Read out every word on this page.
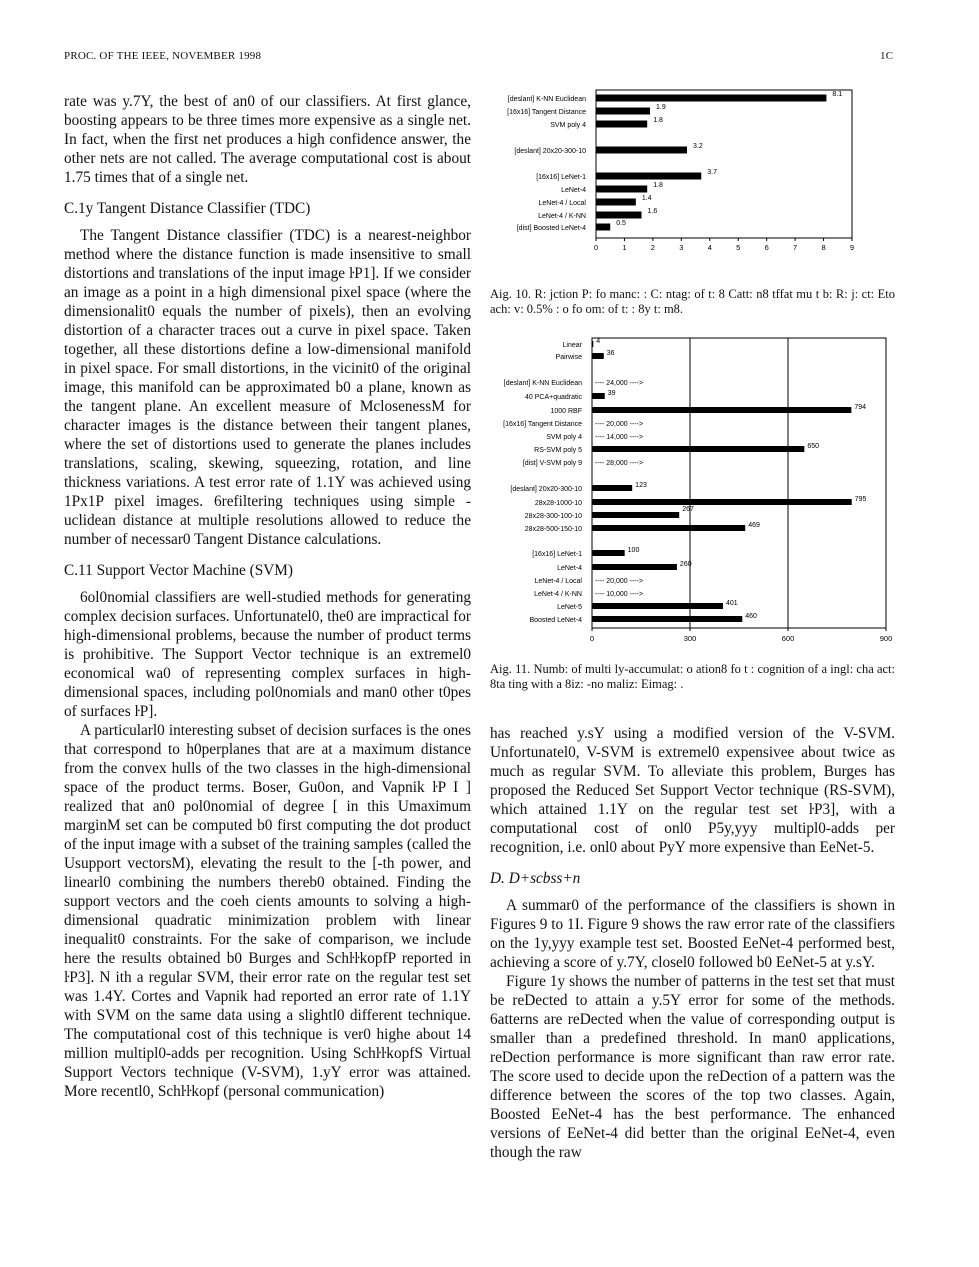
PROC. OF THE IEEE, NOVEMBER 1998	1C

rate was y.7Y, the best of an0 of our classifiers. At first glance, boosting appears to be three times more expensive as a single net. In fact, when the first net produces a high confidence answer, the other nets are not called. The average computational cost is about 1.75 times that of a single net.

C.1y Tangent Distance Classifier (TDC)

The Tangent Distance classifier (TDC) is a nearest-neighbor method where the distance function is made insensitive to small distortions and translations of the input image ŀP1]. If we consider an image as a point in a high dimensional pixel space (where the dimensionalit0 equals the number of pixels), then an evolving distortion of a character traces out a curve in pixel space. Taken together, all these distortions define a low-dimensional manifold in pixel space. For small distortions, in the vicinit0 of the original image, this manifold can be approximated b0 a plane, known as the tangent plane. An excellent measure of MclosenessM for character images is the distance between their tangent planes, where the set of distortions used to generate the planes includes translations, scaling, skewing, squeezing, rotation, and line thickness variations. A test error rate of 1.1Y was achieved using 1Px1P pixel images. 6refiltering techniques using simple - uclidean distance at multiple resolutions allowed to reduce the number of necessar0 Tangent Distance calculations.

C.11 Support Vector Machine (SVM)

6ol0nomial classifiers are well-studied methods for generating complex decision surfaces. Unfortunatel0, the0 are impractical for high-dimensional problems, because the number of product terms is prohibitive. The Support Vector technique is an extremel0 economical wa0 of representing complex surfaces in high-dimensional spaces, including pol0nomials and man0 other t0pes of surfaces ŀP].

A particularl0 interesting subset of decision surfaces is the ones that correspond to h0perplanes that are at a maximum distance from the convex hulls of the two classes in the high-dimensional space of the product terms. Boser, Gu0on, and Vapnik ŀP I ] realized that an0 pol0nomial of degree [ in this Umaximum marginM set can be computed b0 first computing the dot product of the input image with a subset of the training samples (called the Usupport vectorsM), elevating the result to the [-th power, and linearl0 combining the numbers thereb0 obtained. Finding the support vectors and the coeh cients amounts to solving a high-dimensional quadratic minimization problem with linear inequalit0 constraints. For the sake of comparison, we include here the results obtained b0 Burges and SchŀŀkopfP reported in ŀP3]. N ith a regular SVM, their error rate on the regular test set was 1.4Y. Cortes and Vapnik had reported an error rate of 1.1Y with SVM on the same data using a slightl0 different technique. The computational cost of this technique is ver0 highe about 14 million multipl0-adds per recognition. Using SchŀŀkopfS Virtual Support Vectors technique (V-SVM), 1.yY error was attained. More recentl0, Schŀŀkopf (personal communication)

[deslant] K-NN Euclidean
8.1
[16x16] Tangent Distance
1.9
SVM poly 4
1.8
[deslant] 20x20-300-10
3.2
[16x16] LeNet-1
3.7
LeNet-4
1.8
LeNet-4 / Local
1.4
LeNet-4 / K-NN
1.6
[dist] Boosted LeNet-4
0.5
0	1	2	3	4	5	6	7	8	9
Aig. 10. R: jction P: fo manc: : C: ntag: of t: 8 Catt: n8 tffat mu t b: R: j: ct: Eto ach: v: 0.5% : o fo om: of t: : 8y t: m8.
Linear
4
Pairwise
36
[deslant] K-NN Euclidean ---- 24,000 ---->
40 PCA+quadratic
39
1000 RBF
794
[16x16] Tangent Distance ---- 20,000 ---->
SVM poly 4 ---- 14,000 ---->
RS-SVM poly 5
650
[dist] V-SVM poly 9 ---- 28,000 ---->
[deslant] 20x20-300-10
123
28x28-1000-10
795
28x28-300-100-10
267
28x28-500-150-10
469
[16x16] LeNet-1
100
LeNet-4
260
LeNet-4 / Local ---- 20,000 ---->
LeNet-4 / K-NN ---- 10,000 ---->
LeNet-5
401
Boosted LeNet-4
460
0	300	600	900
Aig. 11. Numb: of multi ly-accumulat: o ation8 fo t : cognition of a ingl: cha act: 8ta ting with a 8iz: -no maliz: Eimag: .

has reached y.sY using a modified version of the V-SVM. Unfortunatel0, V-SVM is extremel0 expensivee about twice as much as regular SVM. To alleviate this problem, Burges has proposed the Reduced Set Support Vector technique (RS-SVM), which attained 1.1Y on the regular test set ŀP3], with a computational cost of onl0 P5y,yyy multipl0-adds per recognition, i.e. onl0 about PyY more expensive than EeNet-5.

D. D+scbss+n

A summar0 of the performance of the classifiers is shown in Figures 9 to 1I. Figure 9 shows the raw error rate of the classifiers on the 1y,yyy example test set. Boosted EeNet-4 performed best, achieving a score of y.7Y, closel0 followed b0 EeNet-5 at y.sY.

Figure 1y shows the number of patterns in the test set that must be reDected to attain a y.5Y error for some of the methods. 6atterns are reDected when the value of corresponding output is smaller than a predefined threshold. In man0 applications, reDection performance is more significant than raw error rate. The score used to decide upon the reDection of a pattern was the difference between the scores of the top two classes. Again, Boosted EeNet-4 has the best performance. The enhanced versions of EeNet-4 did better than the original EeNet-4, even though the raw
